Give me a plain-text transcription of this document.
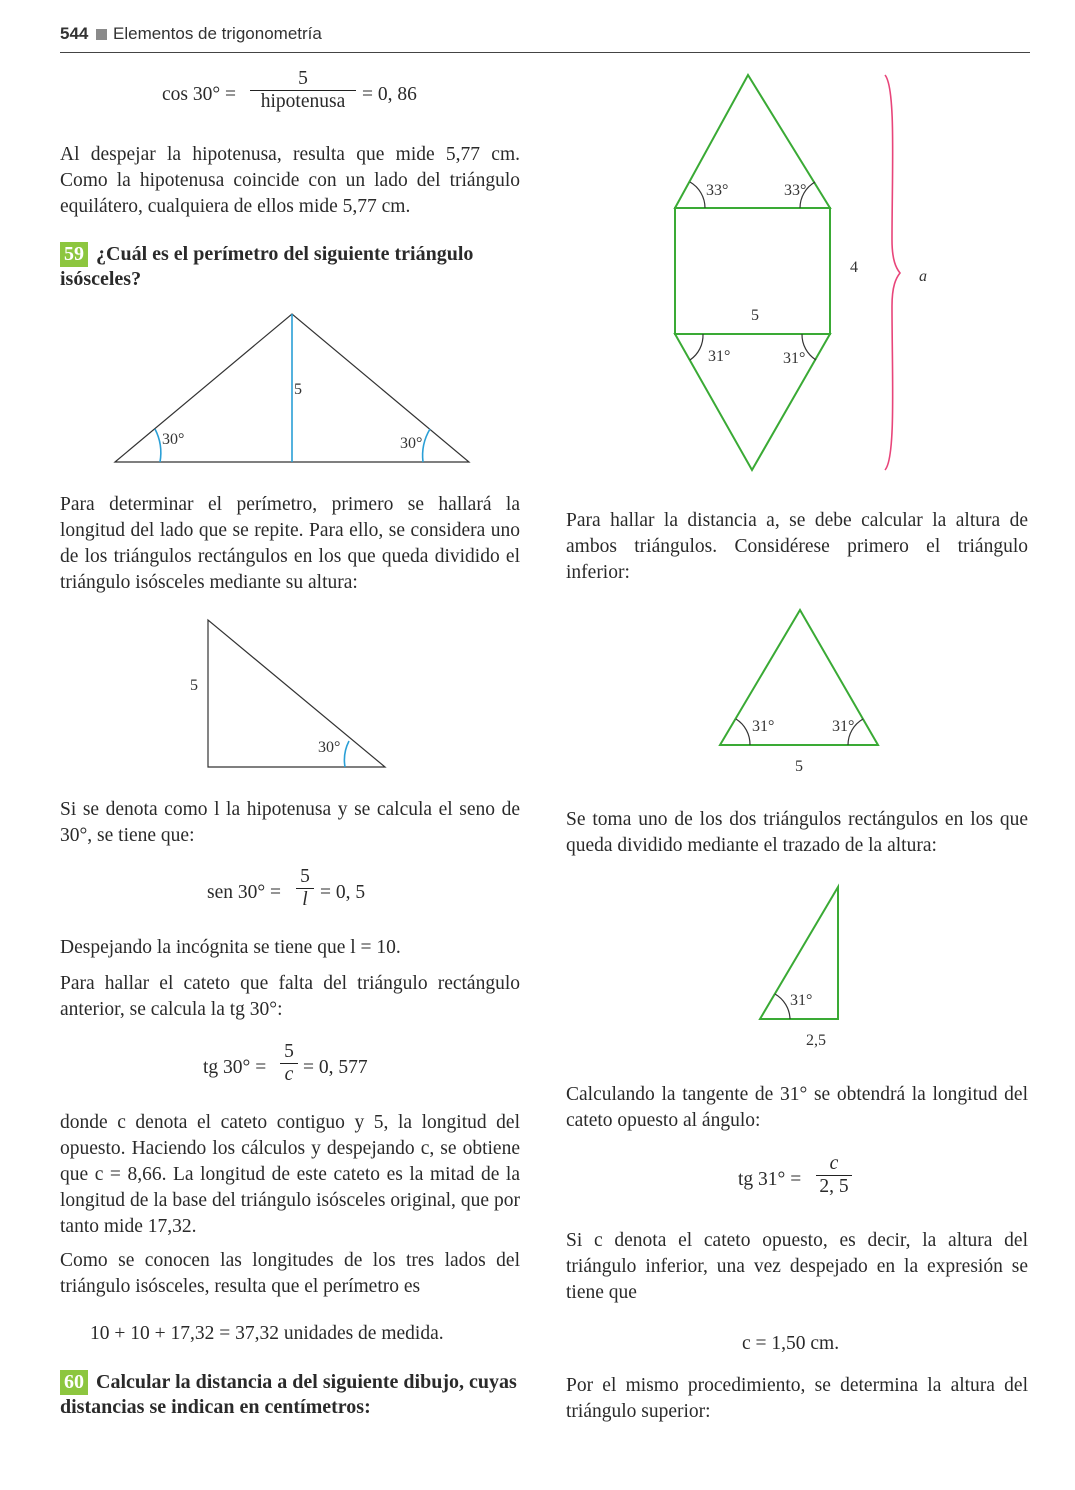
544 Elementos de trigonometría
cos 30° =
5
hipotenusa = 0, 86

Al despejar la hipotenusa, resulta que mide 5,77 cm. Como la hipotenusa coincide con un lado del triángulo equilátero, cualquiera de ellos mide 5,77 cm.

59 ¿Cuál es el perímetro del siguiente triángulo isósceles?

5
30°	30°

Para determinar el perímetro, primero se hallará la longitud del lado que se repite. Para ello, se considera uno de los triángulos rectángulos en los que queda dividido el triángulo isósceles mediante su altura:

5
30°

Si se denota como l la hipotenusa y se calcula el seno de 30°, se tiene que:

sen $30^\circ = \frac{5}{l} = 0$, 5

Despejando la incógnita se tiene que l = 10.

Para hallar el cateto que falta del triángulo rectángulo anterior, se calcula la tg 30°:

tg $30^\circ = \frac{5}{c} = 0$, 577

donde c denota el cateto contiguo y 5, la longitud del opuesto. Haciendo los cálculos y despejando c, se obtiene que c = 8,66. La longitud de este cateto es la mitad de la longitud de la base del triángulo isósceles original, que por tanto mide 17,32.

Como se conocen las longitudes de los tres lados del triángulo isósceles, resulta que el perímetro es

10 + 10 + 17,32 = 37,32 unidades de medida.

60 Calcular la distancia a del siguiente dibujo, cuyas distancias se indican en centímetros:

33°	33°
31°	31°
4
5
a

Para hallar la distancia a, se debe calcular la altura de ambos triángulos. Considérese primero el triángulo inferior:

31°	31°
5

Se toma uno de los dos triángulos rectángulos en los que queda dividido mediante el trazado de la altura:

31°
2,5

Calculando la tangente de 31° se obtendrá la longitud del cateto opuesto al ángulo:

tg $31^\circ = \frac{c}{2, 5}$

Si c denota el cateto opuesto, es decir, la altura del triángulo inferior, una vez despejado en la expresión se tiene que

c = 1,50 cm.

Por el mismo procedimiento, se determina la altura del triángulo superior:
